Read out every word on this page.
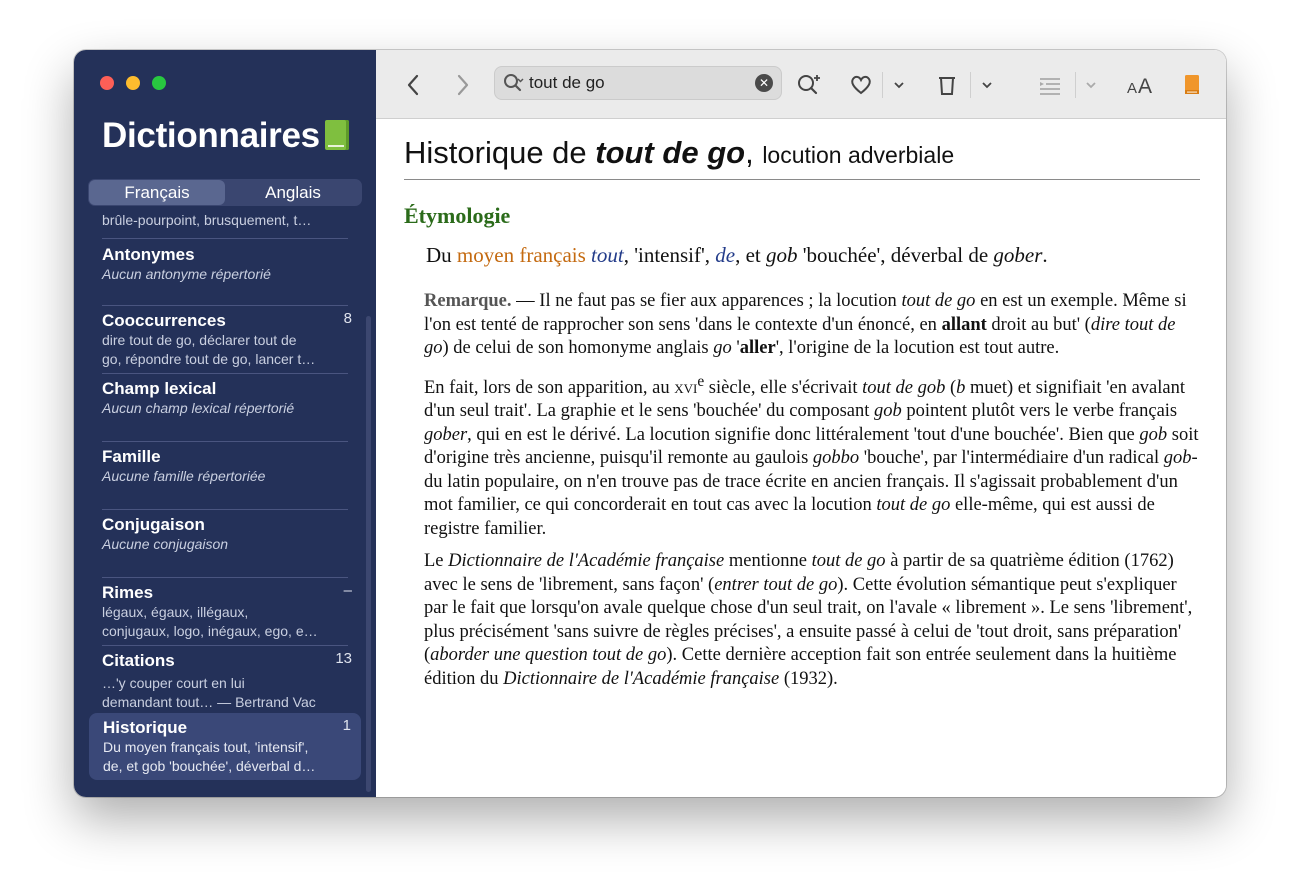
Dictionnaires
Français	Anglais
brûle-pourpoint, brusquement, t…
Antonymes
Aucun antonyme répertorié
Cooccurrences	8
dire tout de go, déclarer tout de
go, répondre tout de go, lancer t…
Champ lexical
Aucun champ lexical répertorié
Famille
Aucune famille répertoriée
Conjugaison
Aucune conjugaison
Rimes	–
légaux, égaux, illégaux,
conjugaux, logo, inégaux, ego, e…
Citations	13
…'y couper court en lui
demandant tout… — Bertrand Vac
Historique	1
Du moyen français tout, 'intensif',
de, et gob 'bouchée', déverbal d…
tout de go
✕	A A
Historique de tout de go, locution adverbiale
Étymologie
Du moyen français tout, 'intensif', de, et gob 'bouchée', déverbal de gober.

Remarque. — Il ne faut pas se fier aux apparences ; la locution tout de go en est un exemple. Même si l'on est tenté de rapprocher son sens 'dans le contexte d'un énoncé, en allant droit au but' (dire tout de go) de celui de son homonyme anglais go 'aller', l'origine de la locution est tout autre.

En fait, lors de son apparition, au xvi$^e$ siècle, elle s'écrivait tout de gob (b muet) et signifiait 'en avalant d'un seul trait'. La graphie et le sens 'bouchée' du composant gob pointent plutôt vers le verbe français gober, qui en est le dérivé. La locution signifie donc littéralement 'tout d'une bouchée'. Bien que gob soit d'origine très ancienne, puisqu'il remonte au gaulois gobbo 'bouche', par l'intermédiaire d'un radical gob- du latin populaire, on n'en trouve pas de trace écrite en ancien français. Il s'agissait probablement d'un mot familier, ce qui concorderait en tout cas avec la locution tout de go elle-même, qui est aussi de registre familier.

Le Dictionnaire de l'Académie française mentionne tout de go à partir de sa quatrième édition (1762) avec le sens de 'librement, sans façon' (entrer tout de go). Cette évolution sémantique peut s'expliquer par le fait que lorsqu'on avale quelque chose d'un seul trait, on l'avale « librement ». Le sens 'librement', plus précisément 'sans suivre de règles précises', a ensuite passé à celui de 'tout droit, sans préparation' (aborder une question tout de go). Cette dernière acception fait son entrée seulement dans la huitième édition du Dictionnaire de l'Académie française (1932).
